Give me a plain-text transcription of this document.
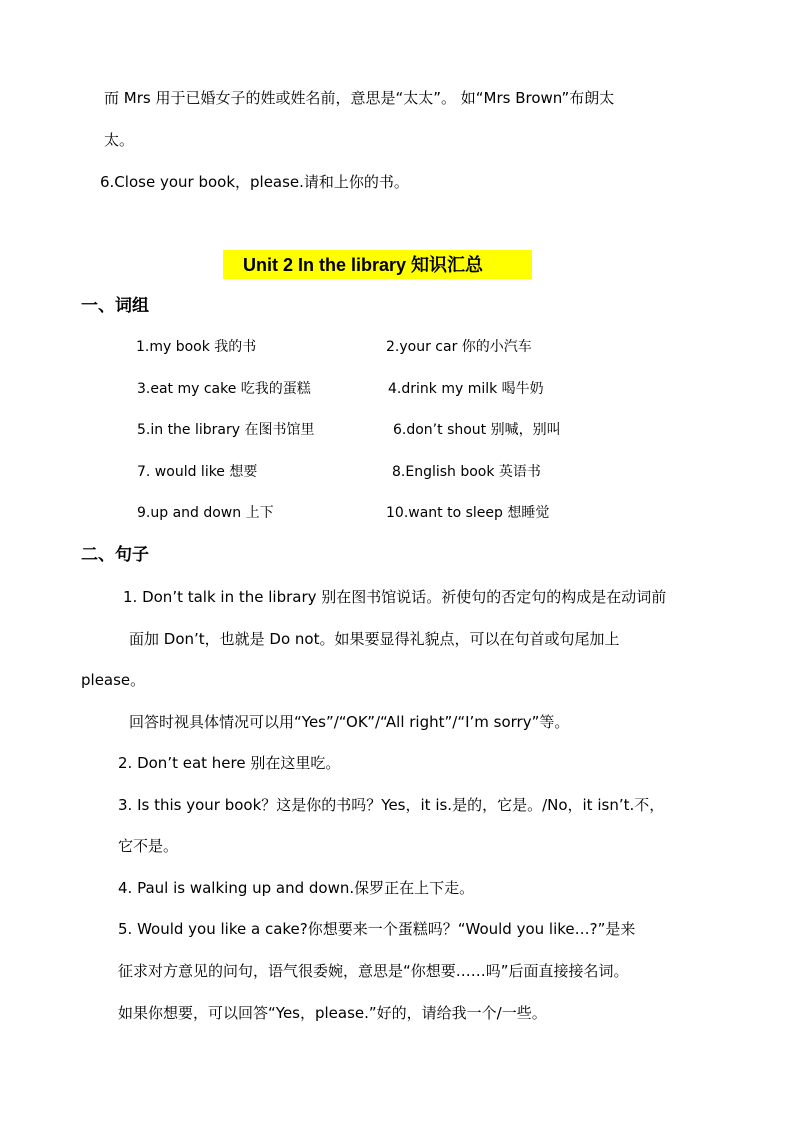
而 Mrs 用于已婚女子的姓或姓名前，意思是“太太”。 如“Mrs Brown”布朗太
太。
6.Close your book，please.请和上你的书。
Unit 2 In the library 知识汇总
一、词组
1.my book 我的书	2.your car 你的小汽车
3.eat my cake 吃我的蛋糕	4.drink my milk 喝牛奶
5.in the library 在图书馆里	6.don’t shout 别喊，别叫
7. would like 想要	8.English book 英语书
9.up and down 上下	10.want to sleep 想睡觉
二、句子
1. Don’t talk in the library 别在图书馆说话。祈使句的否定句的构成是在动词前
面加 Don’t，也就是 Do not。如果要显得礼貌点，可以在句首或句尾加上
please。
回答时视具体情况可以用“Yes”/“OK”/“All right”/“I’m sorry”等。
2. Don’t eat here 别在这里吃。
3. Is this your book？这是你的书吗？Yes，it is.是的，它是。/No，it isn’t.不，
它不是。
4. Paul is walking up and down.保罗正在上下走。
5. Would you like a cake?你想要来一个蛋糕吗？“Would you like…?”是来
征求对方意见的问句，语气很委婉，意思是“你想要……吗”后面直接接名词。
如果你想要，可以回答“Yes，please.”好的，请给我一个/一些。
